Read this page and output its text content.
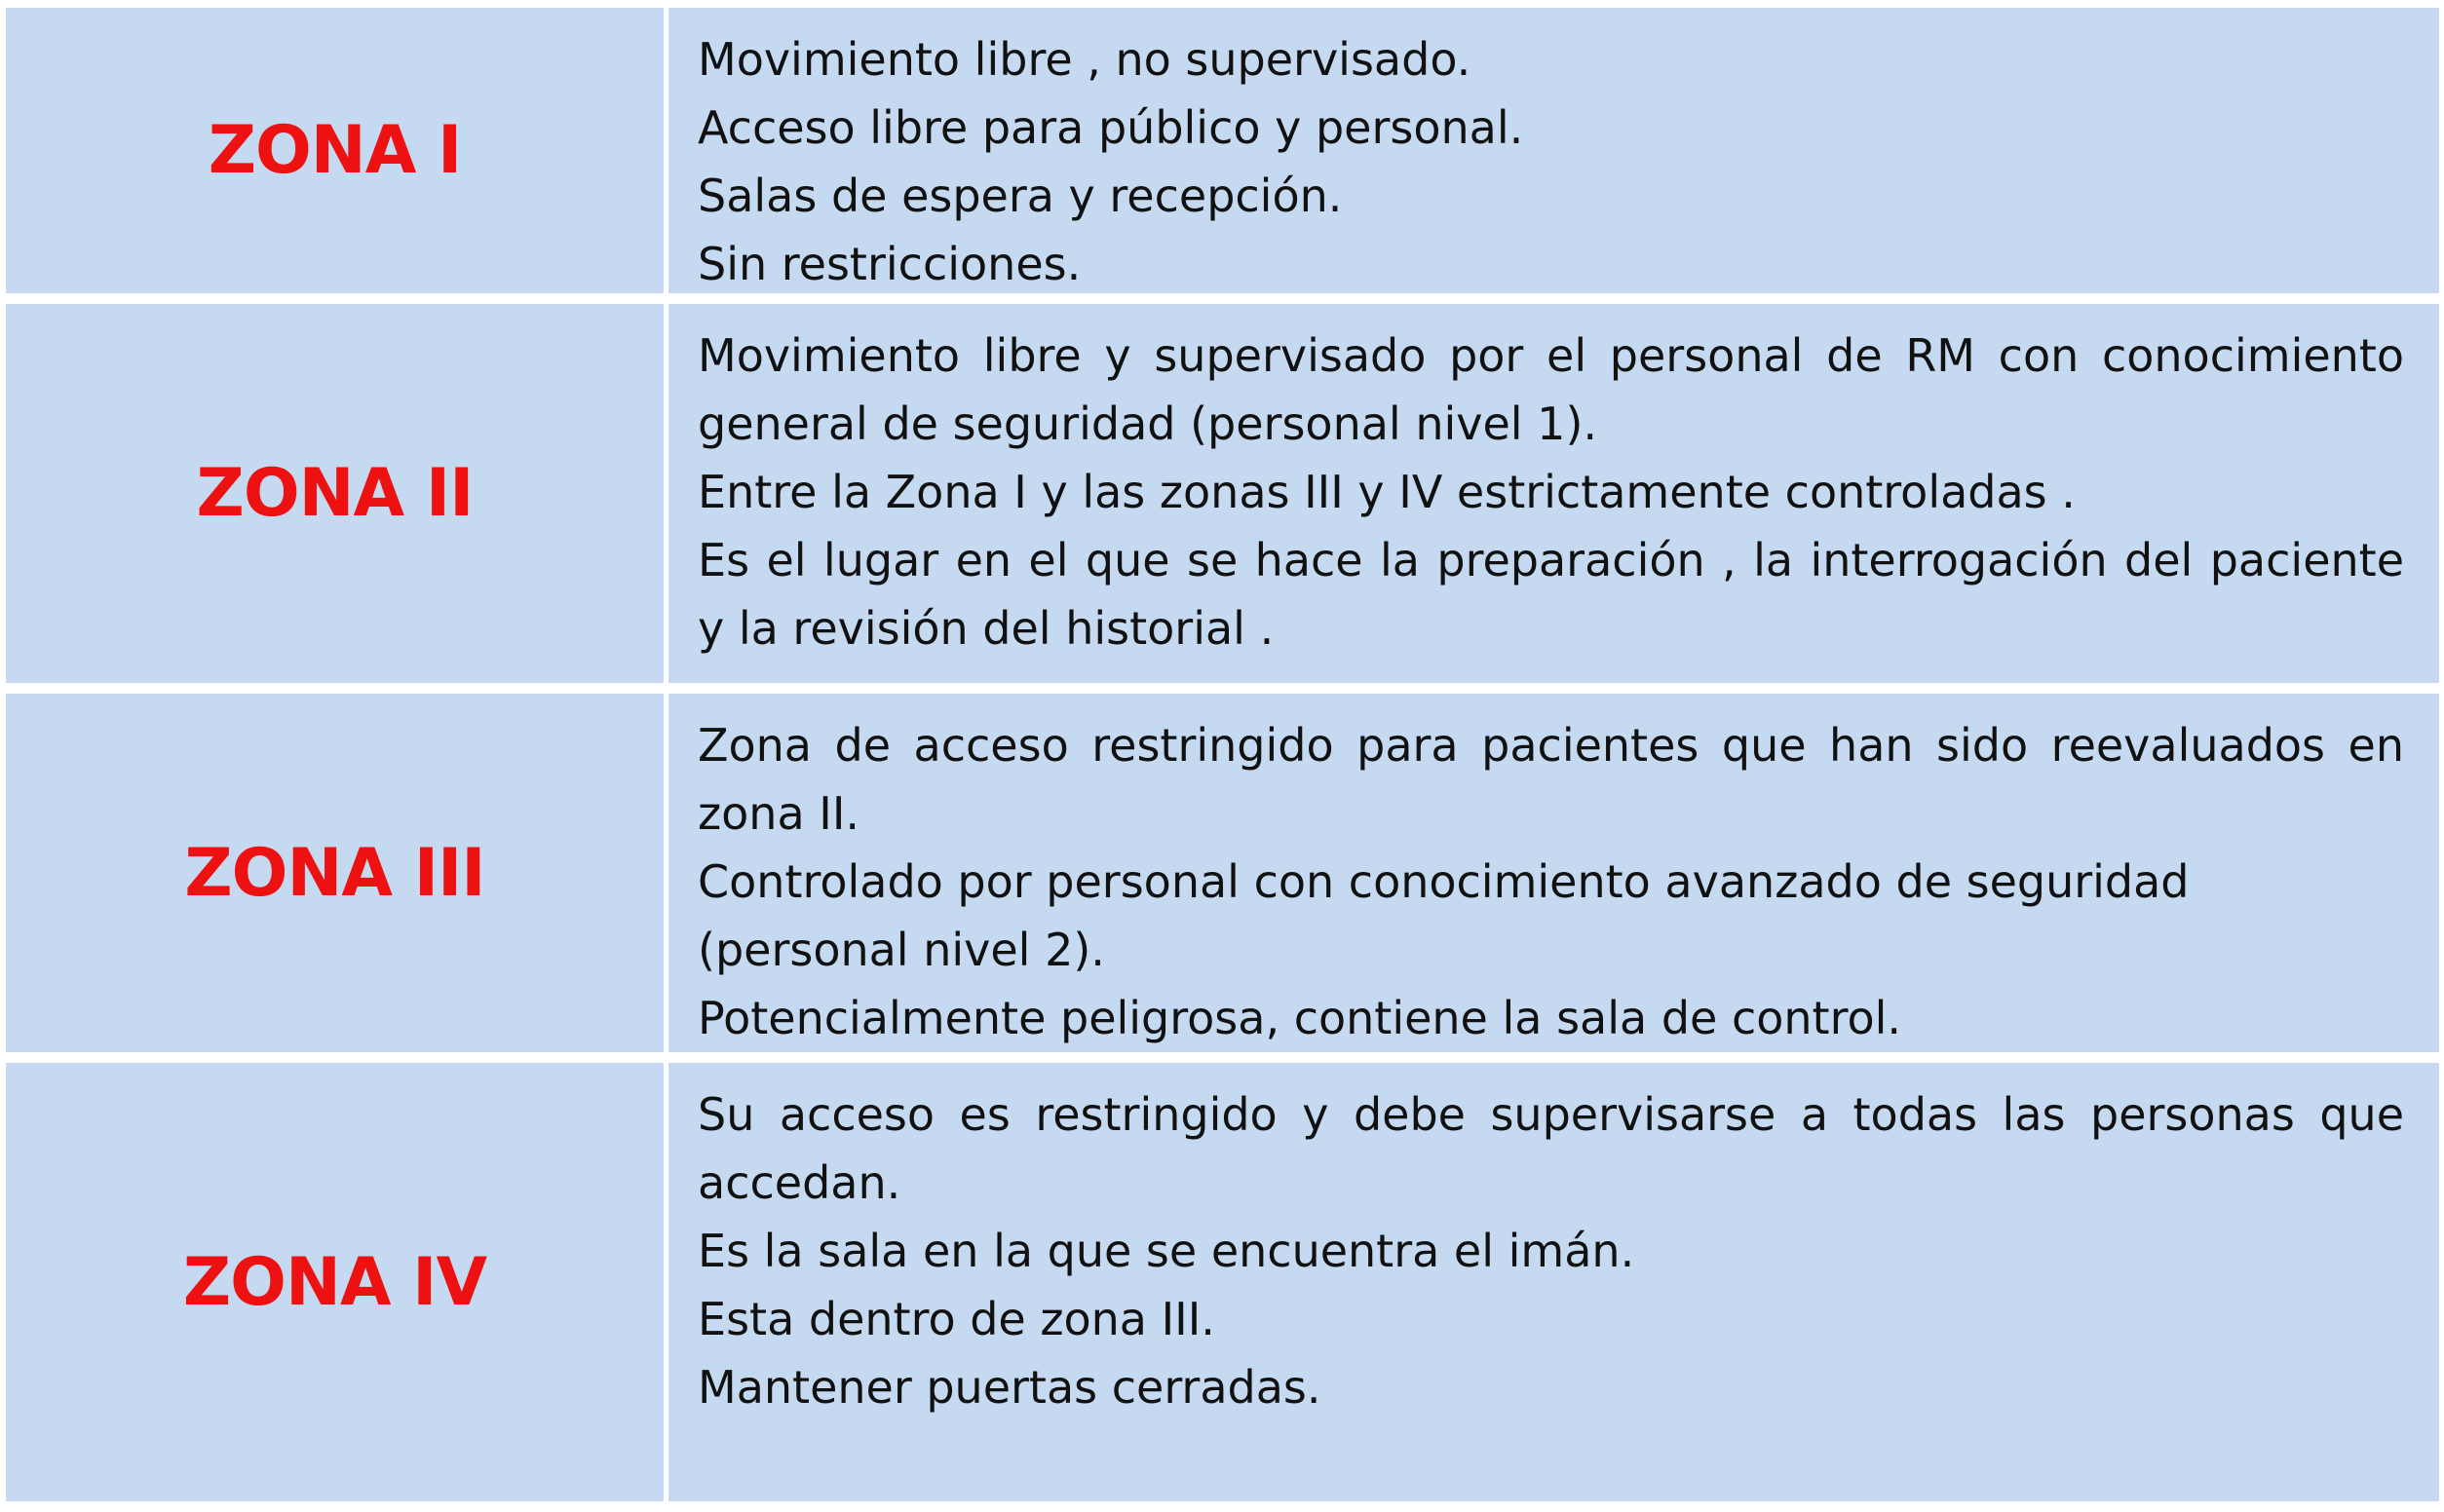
ZONA I
Movimiento libre , no supervisado.
Acceso libre para público y personal.
Salas de espera y recepción.
Sin restricciones.
ZONA II
Movimiento libre y supervisado por el personal de RM con conocimiento
general de seguridad (personal nivel 1).
Entre la Zona I y las zonas III y IV estrictamente controladas .
Es el lugar en el que se hace la preparación , la interrogación del paciente
y la revisión del historial .
ZONA III
Zona de acceso restringido para pacientes que han sido reevaluados en
zona II.
Controlado por personal con conocimiento avanzado de seguridad
(personal nivel 2).
Potencialmente peligrosa, contiene la sala de control.
ZONA IV
Su acceso es restringido y debe supervisarse a todas las personas que
accedan.
Es la sala en la que se encuentra el imán.
Esta dentro de zona III.
Mantener puertas cerradas.
